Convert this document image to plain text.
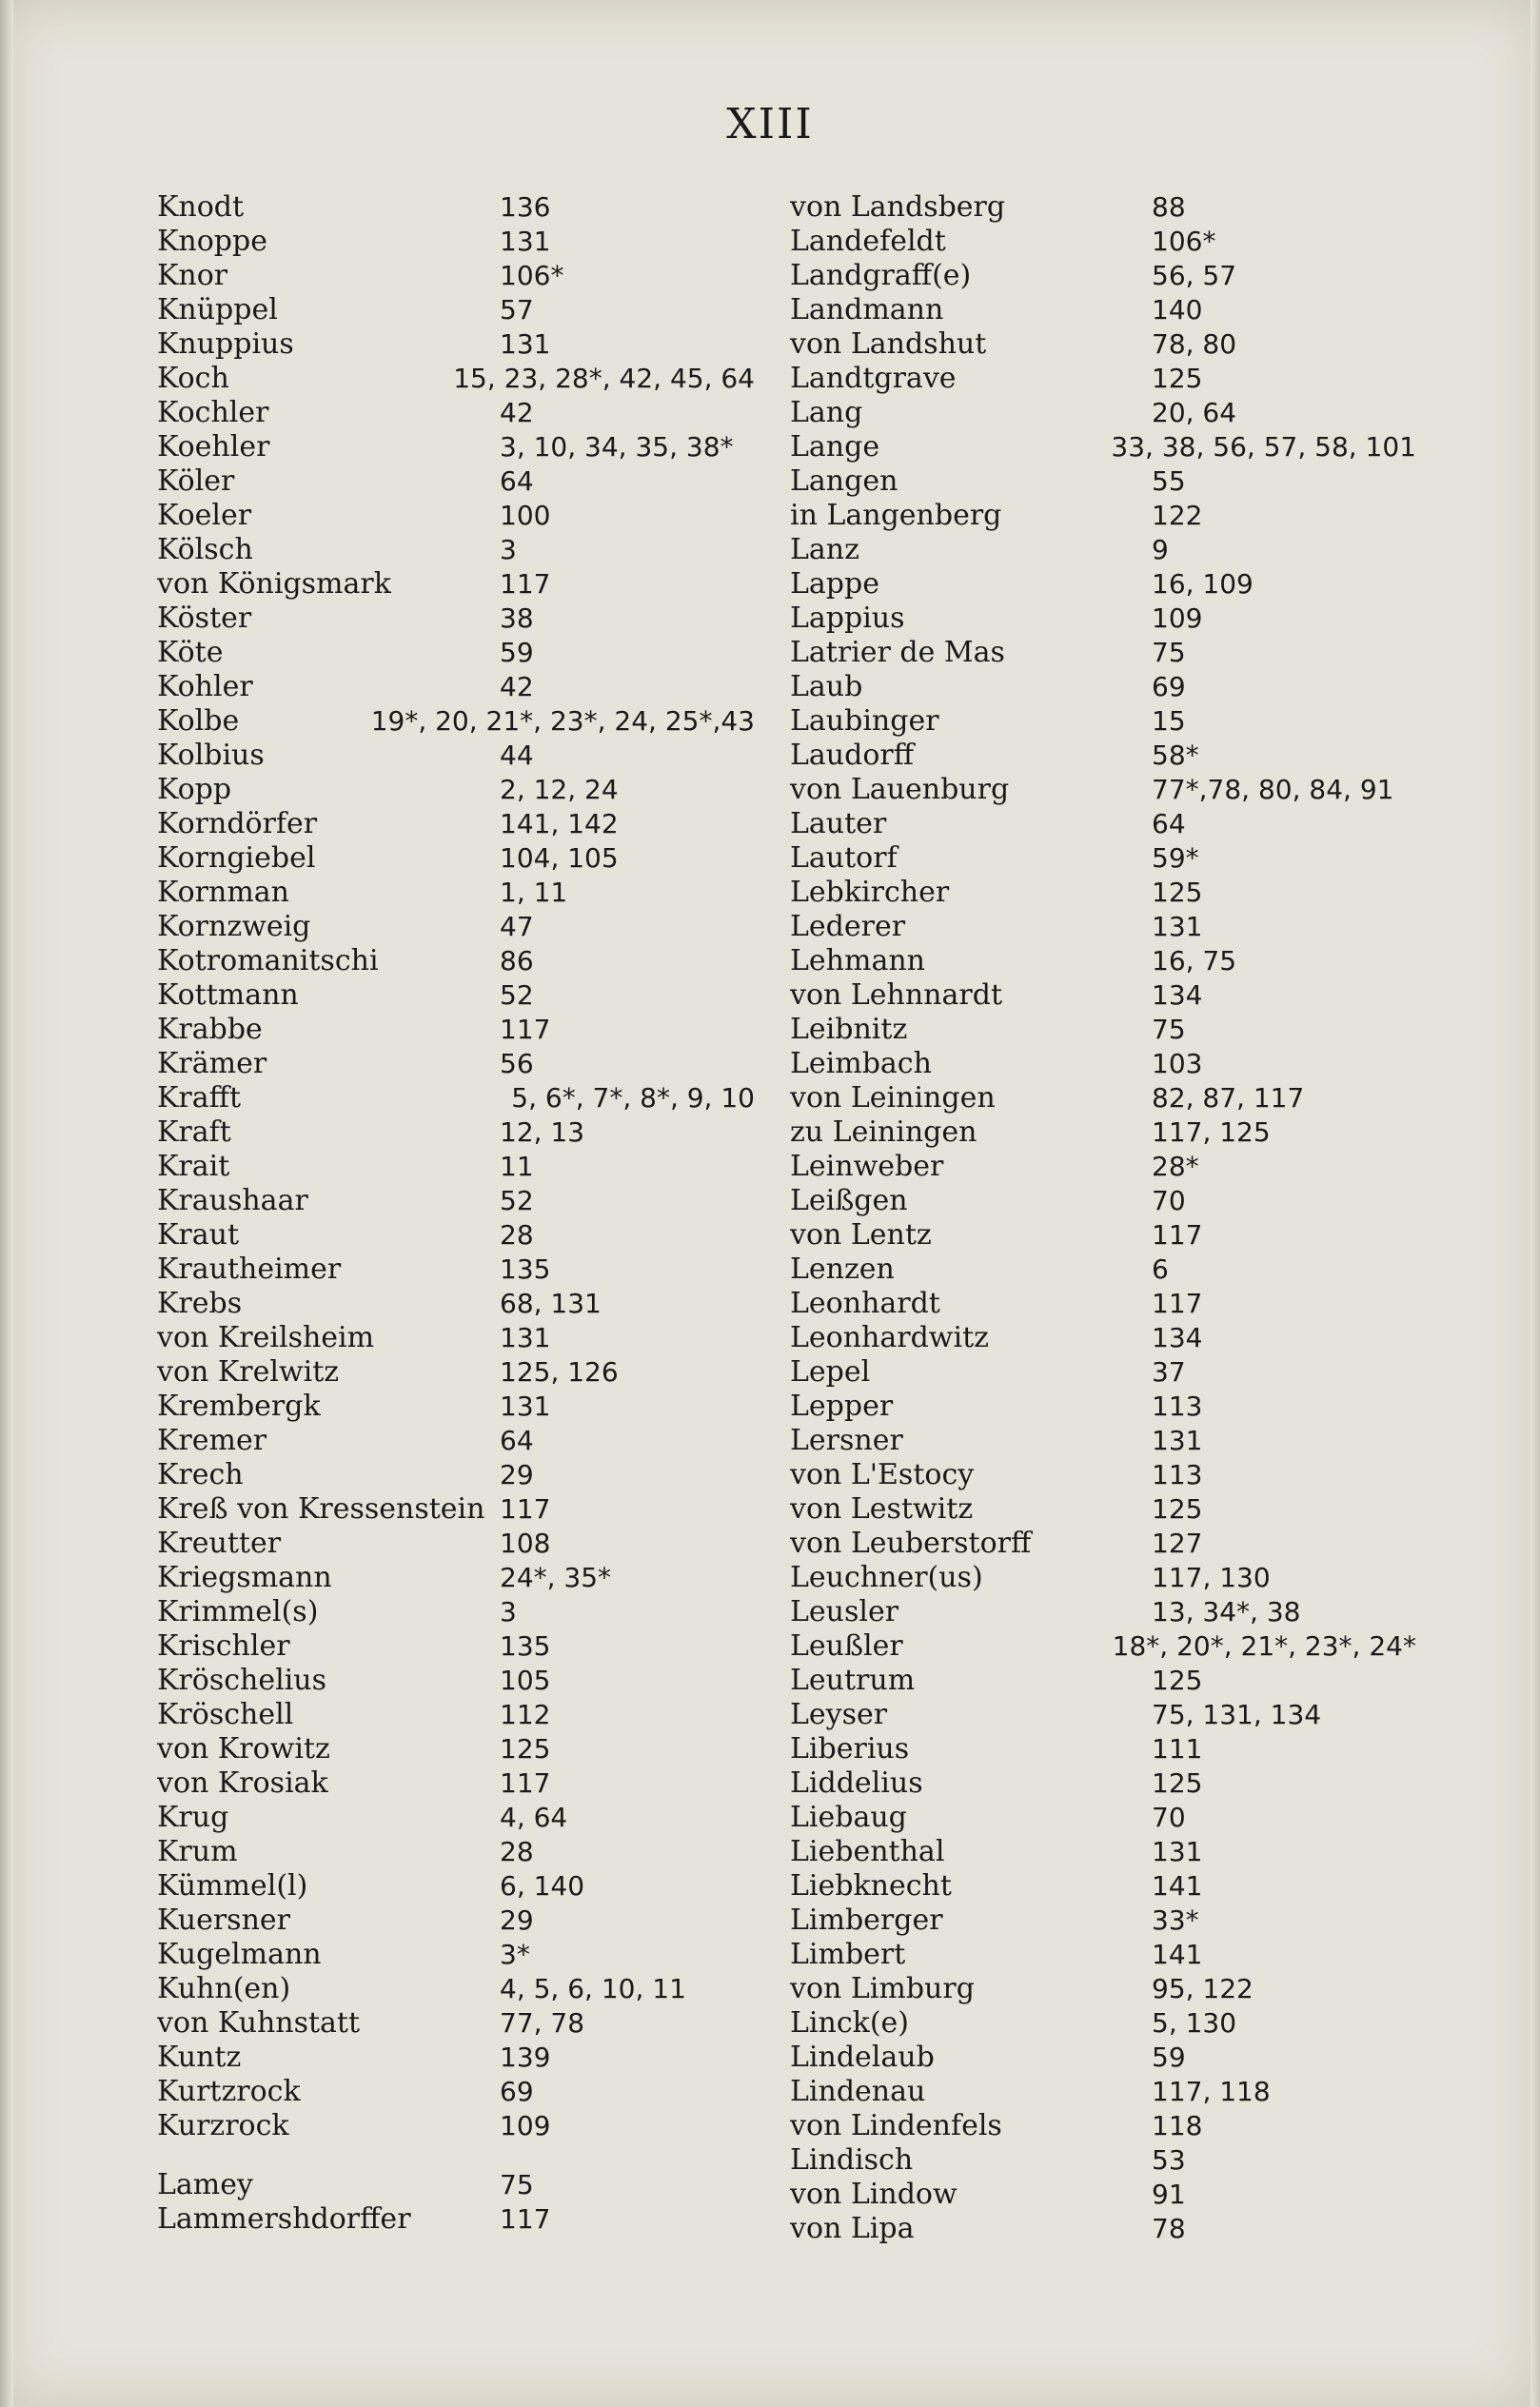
XIII
Knodt	136
Knoppe	131
Knor	106*
Knüppel	57
Knuppius	131
Koch	15, 23, 28*, 42, 45, 64
Kochler	42
Koehler	3, 10, 34, 35, 38*
Köler	64
Koeler	100
Kölsch	3
von Königsmark	117
Köster	38
Köte	59
Kohler	42
Kolbe	19*, 20, 21*, 23*, 24, 25*,43
Kolbius	44
Kopp	2, 12, 24
Korndörfer	141, 142
Korngiebel	104, 105
Kornman	1, 11
Kornzweig	47
Kotromanitschi	86
Kottmann	52
Krabbe	117
Krämer	56
Krafft	5, 6*, 7*, 8*, 9, 10
Kraft	12, 13
Krait	11
Kraushaar	52
Kraut	28
Krautheimer	135
Krebs	68, 131
von Kreilsheim	131
von Krelwitz	125, 126
Krembergk	131
Kremer	64
Krech	29
Kreß von Kressenstein 117
Kreutter	108
Kriegsmann	24*, 35*
Krimmel(s)	3
Krischler	135
Kröschelius	105
Kröschell	112
von Krowitz	125
von Krosiak	117
Krug	4, 64
Krum	28
Kümmel(l)	6, 140
Kuersner	29
Kugelmann	3*
Kuhn(en)	4, 5, 6, 10, 11
von Kuhnstatt	77, 78
Kuntz	139
Kurtzrock	69
Kurzrock	109
Lamey	75
Lammershdorffer	117
von Landsberg	88
Landefeldt	106*
Landgraff(e)	56, 57
Landmann	140
von Landshut	78, 80
Landtgrave	125
Lang	20, 64
Lange	33, 38, 56, 57, 58, 101
Langen	55
in Langenberg	122
Lanz	9
Lappe	16, 109
Lappius	109
Latrier de Mas	75
Laub	69
Laubinger	15
Laudorff	58*
von Lauenburg	77*,78, 80, 84, 91
Lauter	64
Lautorf	59*
Lebkircher	125
Lederer	131
Lehmann	16, 75
von Lehnnardt	134
Leibnitz	75
Leimbach	103
von Leiningen	82, 87, 117
zu Leiningen	117, 125
Leinweber	28*
Leißgen	70
von Lentz	117
Lenzen	6
Leonhardt	117
Leonhardwitz	134
Lepel	37
Lepper	113
Lersner	131
von L'Estocy	113
von Lestwitz	125
von Leuberstorff	127
Leuchner(us)	117, 130
Leusler	13, 34*, 38
Leußler	18*, 20*, 21*, 23*, 24*
Leutrum	125
Leyser	75, 131, 134
Liberius	111
Liddelius	125
Liebaug	70
Liebenthal	131
Liebknecht	141
Limberger	33*
Limbert	141
von Limburg	95, 122
Linck(e)	5, 130
Lindelaub	59
Lindenau	117, 118
von Lindenfels	118
Lindisch	53
von Lindow	91
von Lipa	78
